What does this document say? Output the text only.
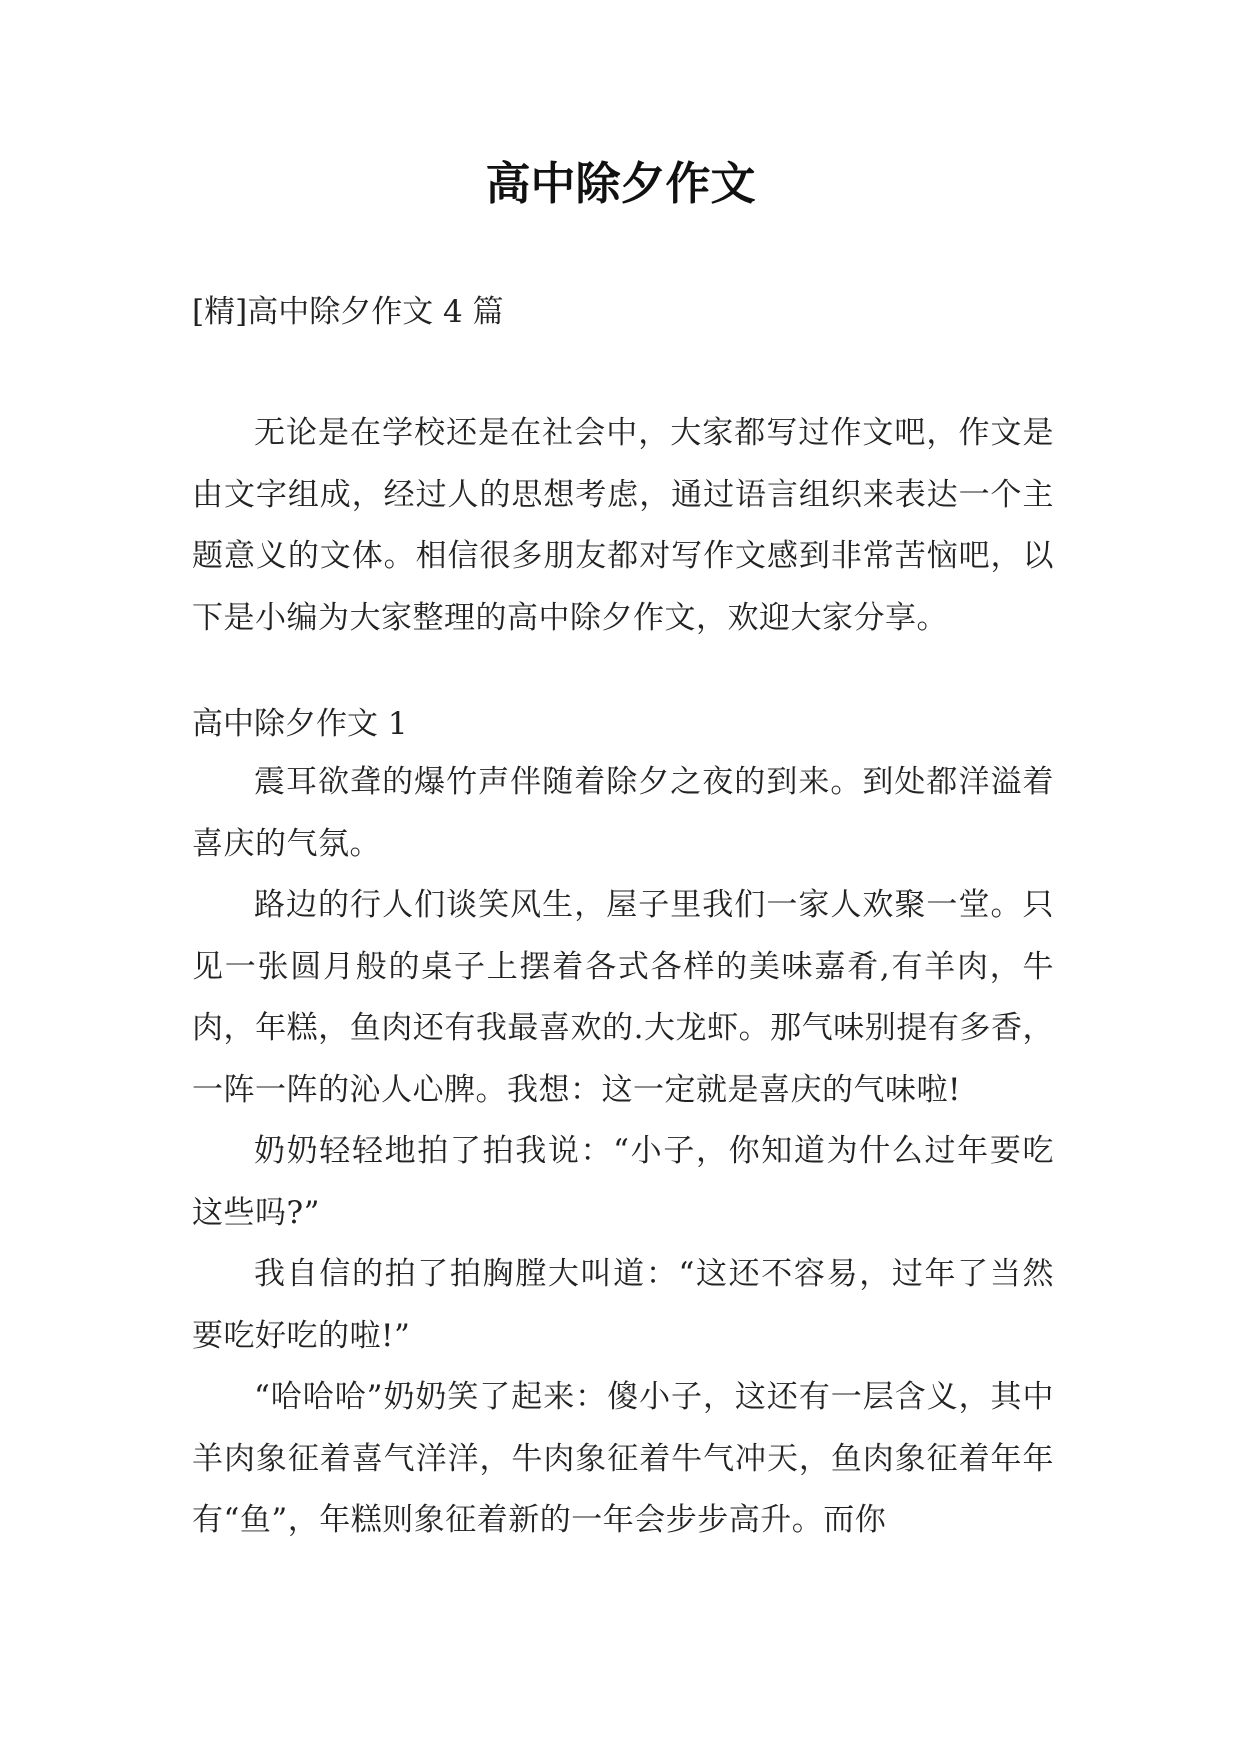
高中除夕作文

[精]高中除夕作文 4 篇

无论是在学校还是在社会中，大家都写过作文吧，作文是由文字组成，经过人的思想考虑，通过语言组织来表达一个主题意义的文体。相信很多朋友都对写作文感到非常苦恼吧，以下是小编为大家整理的高中除夕作文，欢迎大家分享。

高中除夕作文 1

震耳欲聋的爆竹声伴随着除夕之夜的到来。到处都洋溢着喜庆的气氛。

路边的行人们谈笑风生，屋子里我们一家人欢聚一堂。只见一张圆月般的桌子上摆着各式各样的美味嘉肴,有羊肉，牛肉，年糕，鱼肉还有我最喜欢的.大龙虾。那气味别提有多香，一阵一阵的沁人心脾。我想：这一定就是喜庆的气味啦!

奶奶轻轻地拍了拍我说：“小子，你知道为什么过年要吃这些吗?”

我自信的拍了拍胸膛大叫道：“这还不容易，过年了当然要吃好吃的啦!”

“哈哈哈”奶奶笑了起来：傻小子，这还有一层含义，其中羊肉象征着喜气洋洋，牛肉象征着牛气冲天，鱼肉象征着年年有“鱼”，年糕则象征着新的一年会步步高升。而你
